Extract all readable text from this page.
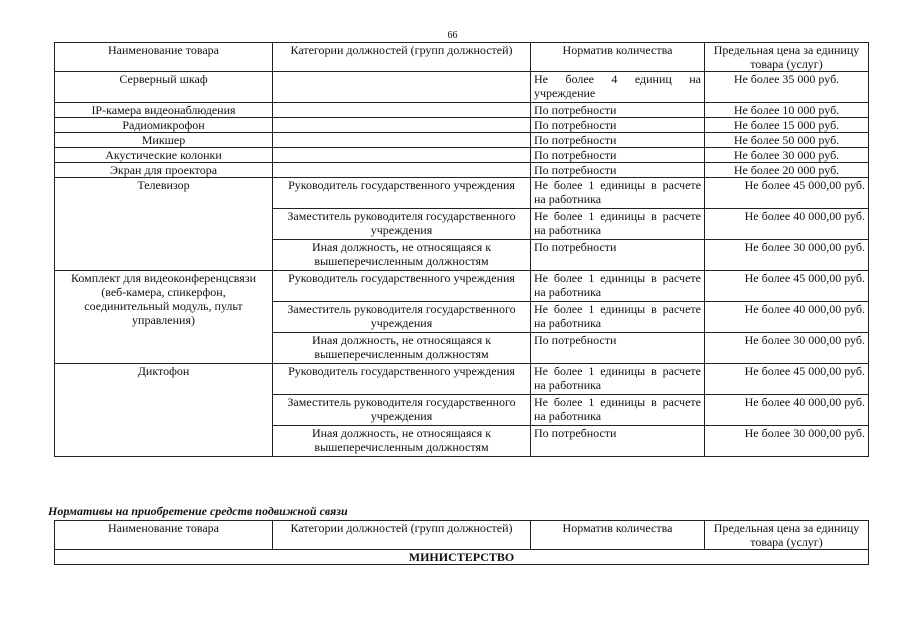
66
Наименование товара	Категории должностей (групп должностей)	Норматив количества	Предельная цена за единицу товара (услуг)
Серверный шкаф		Не более 4 единиц на учреждение	Не более 35 000 руб.
IP-камера видеонаблюдения		По потребности	Не более 10 000 руб.
Радиомикрофон		По потребности	Не более 15 000 руб.
Микшер		По потребности	Не более 50 000 руб.
Акустические колонки		По потребности	Не более 30 000 руб.
Экран для проектора		По потребности	Не более 20 000 руб.
Телевизор	Руководитель государственного учреждения	Не более 1 единицы в расчете на работника	Не более 45 000,00 руб.
	Заместитель руководителя государственного учреждения	Не более 1 единицы в расчете на работника	Не более 40 000,00 руб.
	Иная должность, не относящаяся к вышеперечисленным должностям	По потребности	Не более 30 000,00 руб.
Комплект для видеоконференцсвязи (веб-камера, спикерфон, соединительный модуль, пульт управления)	Руководитель государственного учреждения	Не более 1 единицы в расчете на работника	Не более 45 000,00 руб.
	Заместитель руководителя государственного учреждения	Не более 1 единицы в расчете на работника	Не более 40 000,00 руб.
	Иная должность, не относящаяся к вышеперечисленным должностям	По потребности	Не более 30 000,00 руб.
Диктофон	Руководитель государственного учреждения	Не более 1 единицы в расчете на работника	Не более 45 000,00 руб.
	Заместитель руководителя государственного учреждения	Не более 1 единицы в расчете на работника	Не более 40 000,00 руб.
	Иная должность, не относящаяся к вышеперечисленным должностям	По потребности	Не более 30 000,00 руб.
Нормативы на приобретение средств подвижной связи
Наименование товара	Категории должностей (групп должностей)	Норматив количества	Предельная цена за единицу товара (услуг)
МИНИСТЕРСТВО
